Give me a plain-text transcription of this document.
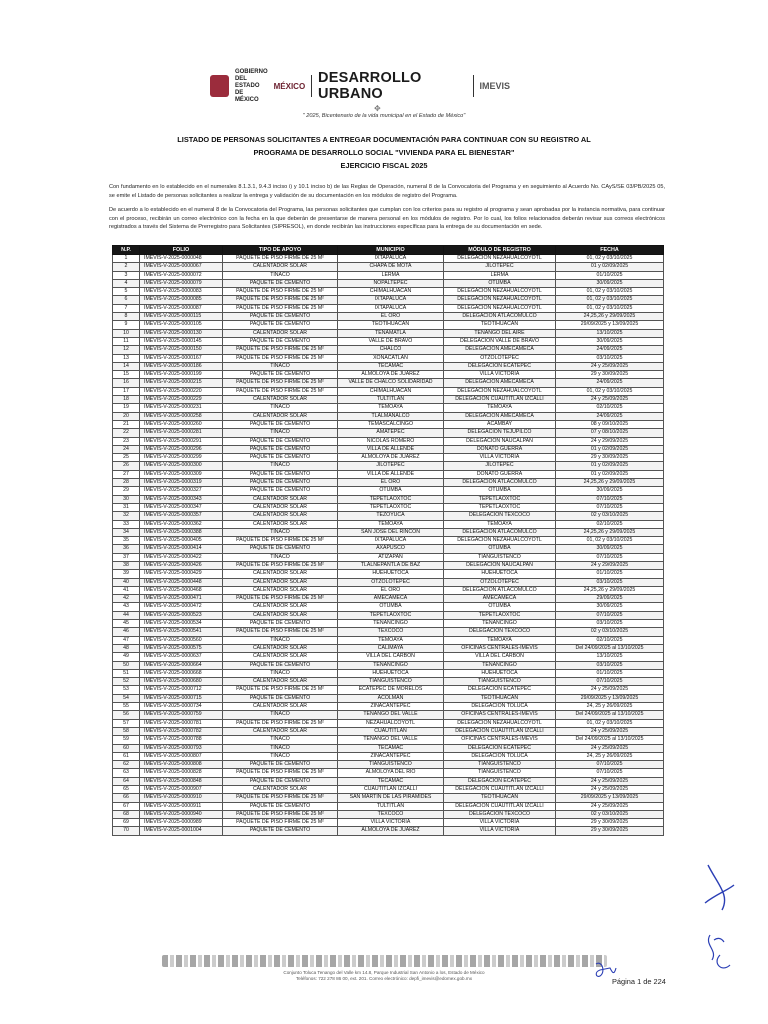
GOBIERNO DEL ESTADO DE MÉXICO
MÉXICO DESARROLLO URBANO	IMEVIS
✥
" 2025, Bicentenario de la vida municipal en el Estado de México"
LISTADO DE PERSONAS SOLICITANTES A ENTREGAR DOCUMENTACIÓN PARA CONTINUAR CON SU REGISTRO AL
PROGRAMA DE DESARROLLO SOCIAL "VIVIENDA PARA EL BIENESTAR"
EJERCICIO FISCAL 2025
Con fundamento en lo establecido en el numerales 8.1.3.1, 9.4.3 inciso i) y 10.1 inciso b) de las Reglas de Operación, numeral 8 de la Convocatoria del Programa y en seguimiento al Acuerdo No. CAyS/SE 03/PB/2025 05, se emite el Listado de personas solicitantes a realizar la entrega y validación de su documentación en los módulos de registro del Programa.
De acuerdo a lo establecido en el numeral 8 de la Convocatoria del Programa, las personas solicitantes que cumplan con los criterios para su registro al programa y sean aprobadas por la instancia normativa, para continuar con el proceso, recibirán un correo electrónico con la fecha en la que deberán de presentarse de manera personal en los módulos de registro. Por lo cual, los folios relacionados deberán revisar sus correos electrónicos registrados a través del Sistema de Prerregistro para Solicitantes (SIPRESOL), en donde recibirán las instrucciones específicas para la entrega de su documentación en sede.
N.P.	FOLIO	TIPO DE APOYO	MUNICIPIO	MÓDULO DE REGISTRO	FECHA
1	IMEVIS-V-2025-0000048	PAQUETE DE PISO FIRME DE 25 M²	IXTAPALUCA	DELEGACION NEZAHUALCOYOTL	01, 02 y 03/10/2025
2	IMEVIS-V-2025-0000067	CALENTADOR SOLAR	CHAPA DE MOTA	JILOTEPEC	01 y 02/09/2025
3	IMEVIS-V-2025-0000072	TINACO	LERMA	LERMA	01/10/2025
4	IMEVIS-V-2025-0000079	PAQUETE DE CEMENTO	NOPALTEPEC	OTUMBA	30/09/2025
5	IMEVIS-V-2025-0000083	PAQUETE DE PISO FIRME DE 25 M²	CHIMALHUACAN	DELEGACION NEZAHUALCOYOTL	01, 02 y 03/10/2025
6	IMEVIS-V-2025-0000085	PAQUETE DE PISO FIRME DE 25 M²	IXTAPALUCA	DELEGACION NEZAHUALCOYOTL	01, 02 y 03/10/2025
7	IMEVIS-V-2025-0000087	PAQUETE DE PISO FIRME DE 25 M²	IXTAPALUCA	DELEGACION NEZAHUALCOYOTL	01, 02 y 03/10/2025
8	IMEVIS-V-2025-0000115	PAQUETE DE CEMENTO	EL ORO	DELEGACION ATLACOMULCO	24,25,26 y 29/09/2025
9	IMEVIS-V-2025-0000105	PAQUETE DE CEMENTO	TEOTIHUACAN	TEOTIHUACAN	29/09/2025 y 13/09/2025
10	IMEVIS-V-2025-0000130	CALENTADOR SOLAR	TENAMATLA	TENANGO DEL AIRE	13/10/2025
11	IMEVIS-V-2025-0000145	PAQUETE DE CEMENTO	VALLE DE BRAVO	DELEGACION VALLE DE BRAVO	30/09/2025
12	IMEVIS-V-2025-0000150	PAQUETE DE PISO FIRME DE 25 M²	CHALCO	DELEGACION AMECAMECA	24/09/2025
13	IMEVIS-V-2025-0000167	PAQUETE DE PISO FIRME DE 25 M²	XONACATLAN	OTZOLOTEPEC	03/10/2025
14	IMEVIS-V-2025-0000186	TINACO	TECAMAC	DELEGACION ECATEPEC	24 y 25/09/2025
15	IMEVIS-V-2025-0000199	PAQUETE DE CEMENTO	ALMOLOYA DE JUAREZ	VILLA VICTORIA	29 y 30/09/2025
16	IMEVIS-V-2025-0000215	PAQUETE DE PISO FIRME DE 25 M²	VALLE DE CHALCO SOLIDARIDAD	DELEGACION AMECAMECA	24/09/2025
17	IMEVIS-V-2025-0000220	PAQUETE DE PISO FIRME DE 25 M²	CHIMALHUACAN	DELEGACION NEZAHUALCOYOTL	01, 02 y 03/10/2025
18	IMEVIS-V-2025-0000229	CALENTADOR SOLAR	TULTITLAN	DELEGACION CUAUTITLAN IZCALLI	24 y 25/09/2025
19	IMEVIS-V-2025-0000231	TINACO	TEMOAYA	TEMOAYA	02/10/2025
20	IMEVIS-V-2025-0000258	CALENTADOR SOLAR	TLALMANALCO	DELEGACION AMECAMECA	24/09/2025
21	IMEVIS-V-2025-0000260	PAQUETE DE CEMENTO	TEMASCALCINGO	ACAMBAY	08 y 09/10/2025
22	IMEVIS-V-2025-0000281	TINACO	AMATEPEC	DELEGACION TEJUPILCO	07 y 08/10/2025
23	IMEVIS-V-2025-0000291	PAQUETE DE CEMENTO	NICOLAS ROMERO	DELEGACION NAUCALPAN	24 y 29/09/2025
24	IMEVIS-V-2025-0000296	PAQUETE DE CEMENTO	VILLA DE ALLENDE	DONATO GUERRA	01 y 02/09/2025
25	IMEVIS-V-2025-0000299	PAQUETE DE CEMENTO	ALMOLOYA DE JUAREZ	VILLA VICTORIA	29 y 30/09/2025
26	IMEVIS-V-2025-0000300	TINACO	JILOTEPEC	JILOTEPEC	01 y 02/09/2025
27	IMEVIS-V-2025-0000309	PAQUETE DE CEMENTO	VILLA DE ALLENDE	DONATO GUERRA	01 y 02/09/2025
28	IMEVIS-V-2025-0000319	PAQUETE DE CEMENTO	EL ORO	DELEGACION ATLACOMULCO	24,25,26 y 29/09/2025
29	IMEVIS-V-2025-0000327	PAQUETE DE CEMENTO	OTUMBA	OTUMBA	30/09/2025
30	IMEVIS-V-2025-0000343	CALENTADOR SOLAR	TEPETLAOXTOC	TEPETLAOXTOC	07/10/2025
31	IMEVIS-V-2025-0000347	CALENTADOR SOLAR	TEPETLAOXTOC	TEPETLAOXTOC	07/10/2025
32	IMEVIS-V-2025-0000357	CALENTADOR SOLAR	TEZOYUCA	DELEGACION TEXCOCO	02 y 03/10/2025
33	IMEVIS-V-2025-0000362	CALENTADOR SOLAR	TEMOAYA	TEMOAYA	02/10/2025
34	IMEVIS-V-2025-0000388	TINACO	SAN JOSE DEL RINCON	DELEGACION ATLACOMULCO	24,25,26 y 29/09/2025
35	IMEVIS-V-2025-0000405	PAQUETE DE PISO FIRME DE 25 M²	IXTAPALUCA	DELEGACION NEZAHUALCOYOTL	01, 02 y 03/10/2025
36	IMEVIS-V-2025-0000414	PAQUETE DE CEMENTO	AXAPUSCO	OTUMBA	30/09/2025
37	IMEVIS-V-2025-0000422	TINACO	ATIZAPAN	TIANGUISTENCO	07/10/2025
38	IMEVIS-V-2025-0000426	PAQUETE DE PISO FIRME DE 25 M²	TLALNEPANTLA DE BAZ	DELEGACION NAUCALPAN	24 y 29/09/2025
39	IMEVIS-V-2025-0000429	CALENTADOR SOLAR	HUEHUETOCA	HUEHUETOCA	01/10/2025
40	IMEVIS-V-2025-0000448	CALENTADOR SOLAR	OTZOLOTEPEC	OTZOLOTEPEC	03/10/2025
41	IMEVIS-V-2025-0000468	CALENTADOR SOLAR	EL ORO	DELEGACION ATLACOMULCO	24,25,26 y 29/09/2025
42	IMEVIS-V-2025-0000471	PAQUETE DE PISO FIRME DE 25 M²	AMECAMECA	AMECAMECA	29/09/2025
43	IMEVIS-V-2025-0000472	CALENTADOR SOLAR	OTUMBA	OTUMBA	30/09/2025
44	IMEVIS-V-2025-0000523	CALENTADOR SOLAR	TEPETLAOXTOC	TEPETLAOXTOC	07/10/2025
45	IMEVIS-V-2025-0000534	PAQUETE DE CEMENTO	TENANCINGO	TENANCINGO	03/10/2025
46	IMEVIS-V-2025-0000541	PAQUETE DE PISO FIRME DE 25 M²	TEXCOCO	DELEGACION TEXCOCO	02 y 03/10/2025
47	IMEVIS-V-2025-0000560	TINACO	TEMOAYA	TEMOAYA	02/10/2025
48	IMEVIS-V-2025-0000575	CALENTADOR SOLAR	CALIMAYA	OFICINAS CENTRALES-IMEVIS	Del 24/09/2025 al 13/10/2025
49	IMEVIS-V-2025-0000637	CALENTADOR SOLAR	VILLA DEL CARBON	VILLA DEL CARBON	13/10/2025
50	IMEVIS-V-2025-0000664	PAQUETE DE CEMENTO	TENANCINGO	TENANCINGO	03/10/2025
51	IMEVIS-V-2025-0000668	TINACO	HUEHUETOCA	HUEHUETOCA	01/10/2025
52	IMEVIS-V-2025-0000680	CALENTADOR SOLAR	TIANGUISTENCO	TIANGUISTENCO	07/10/2025
53	IMEVIS-V-2025-0000712	PAQUETE DE PISO FIRME DE 25 M²	ECATEPEC DE MORELOS	DELEGACION ECATEPEC	24 y 25/09/2025
54	IMEVIS-V-2025-0000715	PAQUETE DE CEMENTO	ACOLMAN	TEOTIHUACAN	29/09/2025 y 13/09/2025
55	IMEVIS-V-2025-0000734	CALENTADOR SOLAR	ZINACANTEPEC	DELEGACION TOLUCA	24, 25 y 26/09/2025
56	IMEVIS-V-2025-0000759	TINACO	TENANGO DEL VALLE	OFICINAS CENTRALES-IMEVIS	Del 24/09/2025 al 13/10/2025
57	IMEVIS-V-2025-0000781	PAQUETE DE PISO FIRME DE 25 M²	NEZAHUALCOYOTL	DELEGACION NEZAHUALCOYOTL	01, 02 y 03/10/2025
58	IMEVIS-V-2025-0000782	CALENTADOR SOLAR	CUAUTITLAN	DELEGACION CUAUTITLAN IZCALLI	24 y 25/09/2025
59	IMEVIS-V-2025-0000788	TINACO	TENANGO DEL VALLE	OFICINAS CENTRALES-IMEVIS	Del 24/09/2025 al 13/10/2025
60	IMEVIS-V-2025-0000793	TINACO	TECAMAC	DELEGACION ECATEPEC	24 y 25/09/2025
61	IMEVIS-V-2025-0000807	TINACO	ZINACANTEPEC	DELEGACION TOLUCA	24, 25 y 26/09/2025
62	IMEVIS-V-2025-0000808	PAQUETE DE CEMENTO	TIANGUISTENCO	TIANGUISTENCO	07/10/2025
63	IMEVIS-V-2025-0000828	PAQUETE DE PISO FIRME DE 25 M²	ALMOLOYA DEL RIO	TIANGUISTENCO	07/10/2025
64	IMEVIS-V-2025-0000848	PAQUETE DE CEMENTO	TECAMAC	DELEGACION ECATEPEC	24 y 25/09/2025
65	IMEVIS-V-2025-0000907	CALENTADOR SOLAR	CUAUTITLAN IZCALLI	DELEGACION CUAUTITLAN IZCALLI	24 y 25/09/2025
66	IMEVIS-V-2025-0000910	PAQUETE DE PISO FIRME DE 25 M²	SAN MARTIN DE LAS PIRAMIDES	TEOTIHUACAN	29/09/2025 y 13/09/2025
67	IMEVIS-V-2025-0000911	PAQUETE DE CEMENTO	TULTITLAN	DELEGACION CUAUTITLAN IZCALLI	24 y 25/09/2025
68	IMEVIS-V-2025-0000940	PAQUETE DE PISO FIRME DE 25 M²	TEXCOCO	DELEGACION TEXCOCO	02 y 03/10/2025
69	IMEVIS-V-2025-0000989	PAQUETE DE PISO FIRME DE 25 M²	VILLA VICTORIA	VILLA VICTORIA	29 y 30/09/2025
70	IMEVIS-V-2025-0001004	PAQUETE DE CEMENTO	ALMOLOYA DE JUAREZ	VILLA VICTORIA	29 y 30/09/2025
Conjunto Toluca Tenango del Valle km 14.8, Parque Industrial San Antonio a los, Estado de México
Teléfonos: 722 278 86 00, ext. 201. Correo electrónico: depfi_imevis@edomex.gob.mx	Página 1 de 224
